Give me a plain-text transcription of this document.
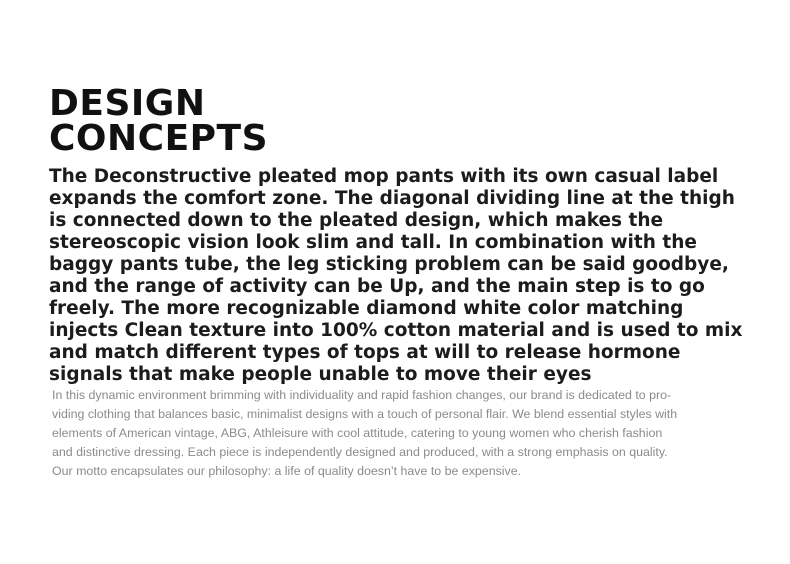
DESIGN
CONCEPTS
The Deconstructive pleated mop pants with its own casual label
expands the comfort zone. The diagonal dividing line at the thigh
is connected down to the pleated design, which makes the
stereoscopic vision look slim and tall. In combination with the
baggy pants tube, the leg sticking problem can be said goodbye,
and the range of activity can be Up, and the main step is to go
freely. The more recognizable diamond white color matching
injects Clean texture into 100% cotton material and is used to mix
and match different types of tops at will to release hormone
signals that make people unable to move their eyes
In this dynamic environment brimming with individuality and rapid fashion changes, our brand is dedicated to pro-
viding clothing that balances basic, minimalist designs with a touch of personal flair. We blend essential styles with
elements of American vintage, ABG, Athleisure with cool attitude, catering to young women who cherish fashion
and distinctive dressing. Each piece is independently designed and produced, with a strong emphasis on quality.
Our motto encapsulates our philosophy: a life of quality doesn’t have to be expensive.
